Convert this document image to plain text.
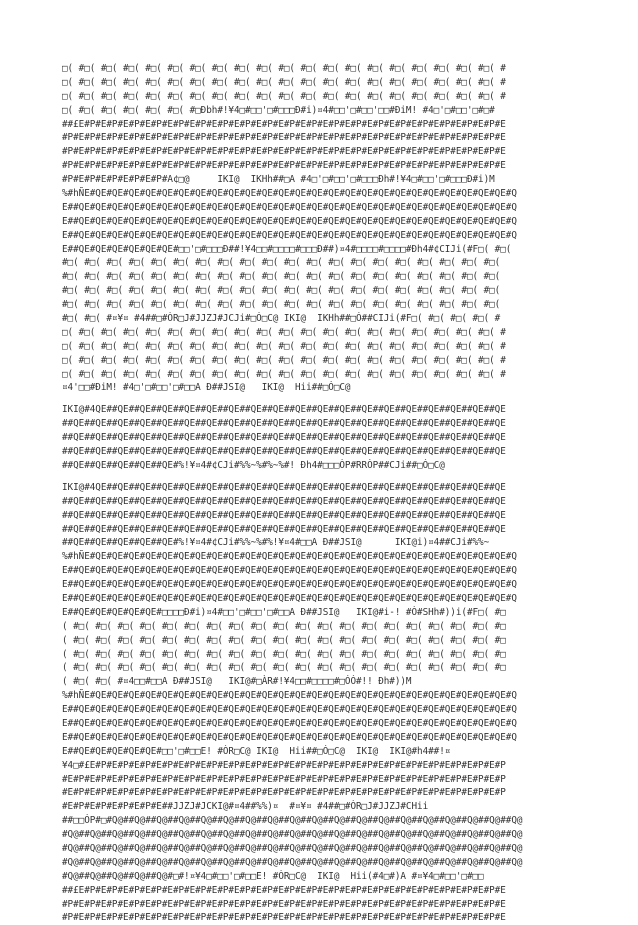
□( #□( #□( #□( #□( #□( #□( #□( #□( #□( #□( #□( #□( #□( #□( #□( #□( #□( #□( #□( #
□( #□( #□( #□( #□( #□( #□( #□( #□( #□( #□( #□( #□( #□( #□( #□( #□( #□( #□( #□( #
□( #□( #□( #□( #□( #□( #□( #□( #□( #□( #□( #□( #□( #□( #□( #□( #□( #□( #□( #□( #
□( #□( #□( #□( #□( #□( #□Ðbh#!¥4□#□□'□#□□□Ð#i)¤4#□□'□#□□'□□#ÐiM! #4□'□#□□'□#□#
##£E#P#E#P#E#P#E#P#E#P#E#P#E#P#E#P#E#P#E#P#E#P#E#P#E#P#E#P#E#P#E#P#E#P#E#P#E#P#E
#P#E#P#E#P#E#P#E#P#E#P#E#P#E#P#E#P#E#P#E#P#E#P#E#P#E#P#E#P#E#P#E#P#E#P#E#P#E#P#E
#P#E#P#E#P#E#P#E#P#E#P#E#P#E#P#E#P#E#P#E#P#E#P#E#P#E#P#E#P#E#P#E#P#E#P#E#P#E#P#E
#P#E#P#E#P#E#P#E#P#E#P#E#P#E#P#E#P#E#P#E#P#E#P#E#P#E#P#E#P#E#P#E#P#E#P#E#P#E#P#E
#P#E#P#E#P#E#P#E#P#A¢□@     IKI@  IKHh##□A #4□'□#□□'□#□□□Ðh#!¥4□#□□'□#□□□Ð#i)M
%#hÑE#QE#QE#QE#QE#QE#QE#QE#QE#QE#QE#QE#QE#QE#QE#QE#QE#QE#QE#QE#QE#QE#QE#QE#QE#QE#Q
E##QE#QE#QE#QE#QE#QE#QE#QE#QE#QE#QE#QE#QE#QE#QE#QE#QE#QE#QE#QE#QE#QE#QE#QE#QE#QE#Q
E##QE#QE#QE#QE#QE#QE#QE#QE#QE#QE#QE#QE#QE#QE#QE#QE#QE#QE#QE#QE#QE#QE#QE#QE#QE#QE#Q
E##QE#QE#QE#QE#QE#QE#QE#QE#QE#QE#QE#QE#QE#QE#QE#QE#QE#QE#QE#QE#QE#QE#QE#QE#QE#QE#Q
E##QE#QE#QE#QE#QE#QE#□□'□#□□□Ð##!¥4□□#□□□□#□□□Ð##)¤4#□□□□#□□□□#Ðh4#¢CIJi(#F□( #□(
#□( #□( #□( #□( #□( #□( #□( #□( #□( #□( #□( #□( #□( #□( #□( #□( #□( #□( #□( #□(
#□( #□( #□( #□( #□( #□( #□( #□( #□( #□( #□( #□( #□( #□( #□( #□( #□( #□( #□( #□(
#□( #□( #□( #□( #□( #□( #□( #□( #□( #□( #□( #□( #□( #□( #□( #□( #□( #□( #□( #□(
#□( #□( #□( #□( #□( #□( #□( #□( #□( #□( #□( #□( #□( #□( #□( #□( #□( #□( #□( #□(
#□( #□( #¤¥¤ #4##□#ÒR□J#JJZJ#JCJi#□Ó□C@ IKI@  IKHh##□Ó##CIJi(#F□( #□( #□( #□( #
□( #□( #□( #□( #□( #□( #□( #□( #□( #□( #□( #□( #□( #□( #□( #□( #□( #□( #□( #□( #
□( #□( #□( #□( #□( #□( #□( #□( #□( #□( #□( #□( #□( #□( #□( #□( #□( #□( #□( #□( #
□( #□( #□( #□( #□( #□( #□( #□( #□( #□( #□( #□( #□( #□( #□( #□( #□( #□( #□( #□( #
□( #□( #□( #□( #□( #□( #□( #□( #□( #□( #□( #□( #□( #□( #□( #□( #□( #□( #□( #□( #
¤4'□□#ÐiM! #4□'□#□□'□#□□A Ð##JSI@   IKI@  Hii##□Ó□C@
IKI@#4QE##QE##QE##QE##QE##QE##QE##QE##QE##QE##QE##QE##QE##QE##QE##QE##QE##QE##QE
##QE##QE##QE##QE##QE##QE##QE##QE##QE##QE##QE##QE##QE##QE##QE##QE##QE##QE##QE##QE
##QE##QE##QE##QE##QE##QE##QE##QE##QE##QE##QE##QE##QE##QE##QE##QE##QE##QE##QE##QE
##QE##QE##QE##QE##QE##QE##QE##QE##QE##QE##QE##QE##QE##QE##QE##QE##QE##QE##QE##QE
##QE##QE##QE##QE##QE#%!¥¤4#¢CJi#%%~%#%~%#! Ðh4#□□□ÒP#RRÒP##CJi##□Ó□C@
IKI@#4QE##QE##QE##QE##QE##QE##QE##QE##QE##QE##QE##QE##QE##QE##QE##QE##QE##QE##QE
##QE##QE##QE##QE##QE##QE##QE##QE##QE##QE##QE##QE##QE##QE##QE##QE##QE##QE##QE##QE
##QE##QE##QE##QE##QE##QE##QE##QE##QE##QE##QE##QE##QE##QE##QE##QE##QE##QE##QE##QE
##QE##QE##QE##QE##QE##QE##QE##QE##QE##QE##QE##QE##QE##QE##QE##QE##QE##QE##QE##QE
##QE##QE##QE##QE##QE#%!¥¤4#¢CJi#%%~%#%!¥¤4#□□A Ð##JSI@      IKI@i)¤4##CJi#%%~
%#hÑE#QE#QE#QE#QE#QE#QE#QE#QE#QE#QE#QE#QE#QE#QE#QE#QE#QE#QE#QE#QE#QE#QE#QE#QE#QE#Q
E##QE#QE#QE#QE#QE#QE#QE#QE#QE#QE#QE#QE#QE#QE#QE#QE#QE#QE#QE#QE#QE#QE#QE#QE#QE#QE#Q
E##QE#QE#QE#QE#QE#QE#QE#QE#QE#QE#QE#QE#QE#QE#QE#QE#QE#QE#QE#QE#QE#QE#QE#QE#QE#QE#Q
E##QE#QE#QE#QE#QE#QE#QE#QE#QE#QE#QE#QE#QE#QE#QE#QE#QE#QE#QE#QE#QE#QE#QE#QE#QE#QE#Q
E##QE#QE#QE#QE#QE#□□□□Ð#i)¤4#□□'□#□□'□#□□A Ð##JSI@   IKI@#i-! #Ò#SHh#))i(#F□( #□
( #□( #□( #□( #□( #□( #□( #□( #□( #□( #□( #□( #□( #□( #□( #□( #□( #□( #□( #□( #□
( #□( #□( #□( #□( #□( #□( #□( #□( #□( #□( #□( #□( #□( #□( #□( #□( #□( #□( #□( #□
( #□( #□( #□( #□( #□( #□( #□( #□( #□( #□( #□( #□( #□( #□( #□( #□( #□( #□( #□( #□
( #□( #□( #□( #□( #□( #□( #□( #□( #□( #□( #□( #□( #□( #□( #□( #□( #□( #□( #□( #□
( #□( #□( #¤4□□#□□A Ð##JSI@   IKI@#□ÀR#!¥4□□#□□□□#□ÓÓ#!! Ðh#))M
%#hÑE#QE#QE#QE#QE#QE#QE#QE#QE#QE#QE#QE#QE#QE#QE#QE#QE#QE#QE#QE#QE#QE#QE#QE#QE#QE#Q
E##QE#QE#QE#QE#QE#QE#QE#QE#QE#QE#QE#QE#QE#QE#QE#QE#QE#QE#QE#QE#QE#QE#QE#QE#QE#QE#Q
E##QE#QE#QE#QE#QE#QE#QE#QE#QE#QE#QE#QE#QE#QE#QE#QE#QE#QE#QE#QE#QE#QE#QE#QE#QE#QE#Q
E##QE#QE#QE#QE#QE#QE#QE#QE#QE#QE#QE#QE#QE#QE#QE#QE#QE#QE#QE#QE#QE#QE#QE#QE#QE#QE#Q
E##QE#QE#QE#QE#QE#□□'□#□□E! #ÒR□C@ IKI@  Hii##□Ó□C@  IKI@  IKI@#h4##!¤
¥4□#£E#P#E#P#E#P#E#P#E#P#E#P#E#P#E#P#E#P#E#P#E#P#E#P#E#P#E#P#E#P#E#P#E#P#E#P#E#P
#E#P#E#P#E#P#E#P#E#P#E#P#E#P#E#P#E#P#E#P#E#P#E#P#E#P#E#P#E#P#E#P#E#P#E#P#E#P#E#P
#E#P#E#P#E#P#E#P#E#P#E#P#E#P#E#P#E#P#E#P#E#P#E#P#E#P#E#P#E#P#E#P#E#P#E#P#E#P#E#P
#E#P#E#P#E#P#E#P#E##JJZJ#JCKI@#¤4##%%)¤  #¤¥¤ #4##□#ÒR□J#JJZJ#CHii
##□□ÓP#□#Q@##Q@##Q@##Q@##Q@##Q@##Q@##Q@##Q@##Q@##Q@##Q@##Q@##Q@##Q@##Q@##Q@##Q@##Q@
#Q@##Q@##Q@##Q@##Q@##Q@##Q@##Q@##Q@##Q@##Q@##Q@##Q@##Q@##Q@##Q@##Q@##Q@##Q@##Q@##Q@
#Q@##Q@##Q@##Q@##Q@##Q@##Q@##Q@##Q@##Q@##Q@##Q@##Q@##Q@##Q@##Q@##Q@##Q@##Q@##Q@##Q@
#Q@##Q@##Q@##Q@##Q@##Q@##Q@##Q@##Q@##Q@##Q@##Q@##Q@##Q@##Q@##Q@##Q@##Q@##Q@##Q@##Q@
#Q@##Q@##Q@##Q@##Q@#□#!¤¥4□#□□'□#□□E! #ÒR□C@  IKI@  Hii(#4□#)A #¤¥4□#□□'□#□□
##£E#P#E#P#E#P#E#P#E#P#E#P#E#P#E#P#E#P#E#P#E#P#E#P#E#P#E#P#E#P#E#P#E#P#E#P#E#P#E
#P#E#P#E#P#E#P#E#P#E#P#E#P#E#P#E#P#E#P#E#P#E#P#E#P#E#P#E#P#E#P#E#P#E#P#E#P#E#P#E
#P#E#P#E#P#E#P#E#P#E#P#E#P#E#P#E#P#E#P#E#P#E#P#E#P#E#P#E#P#E#P#E#P#E#P#E#P#E#P#E
